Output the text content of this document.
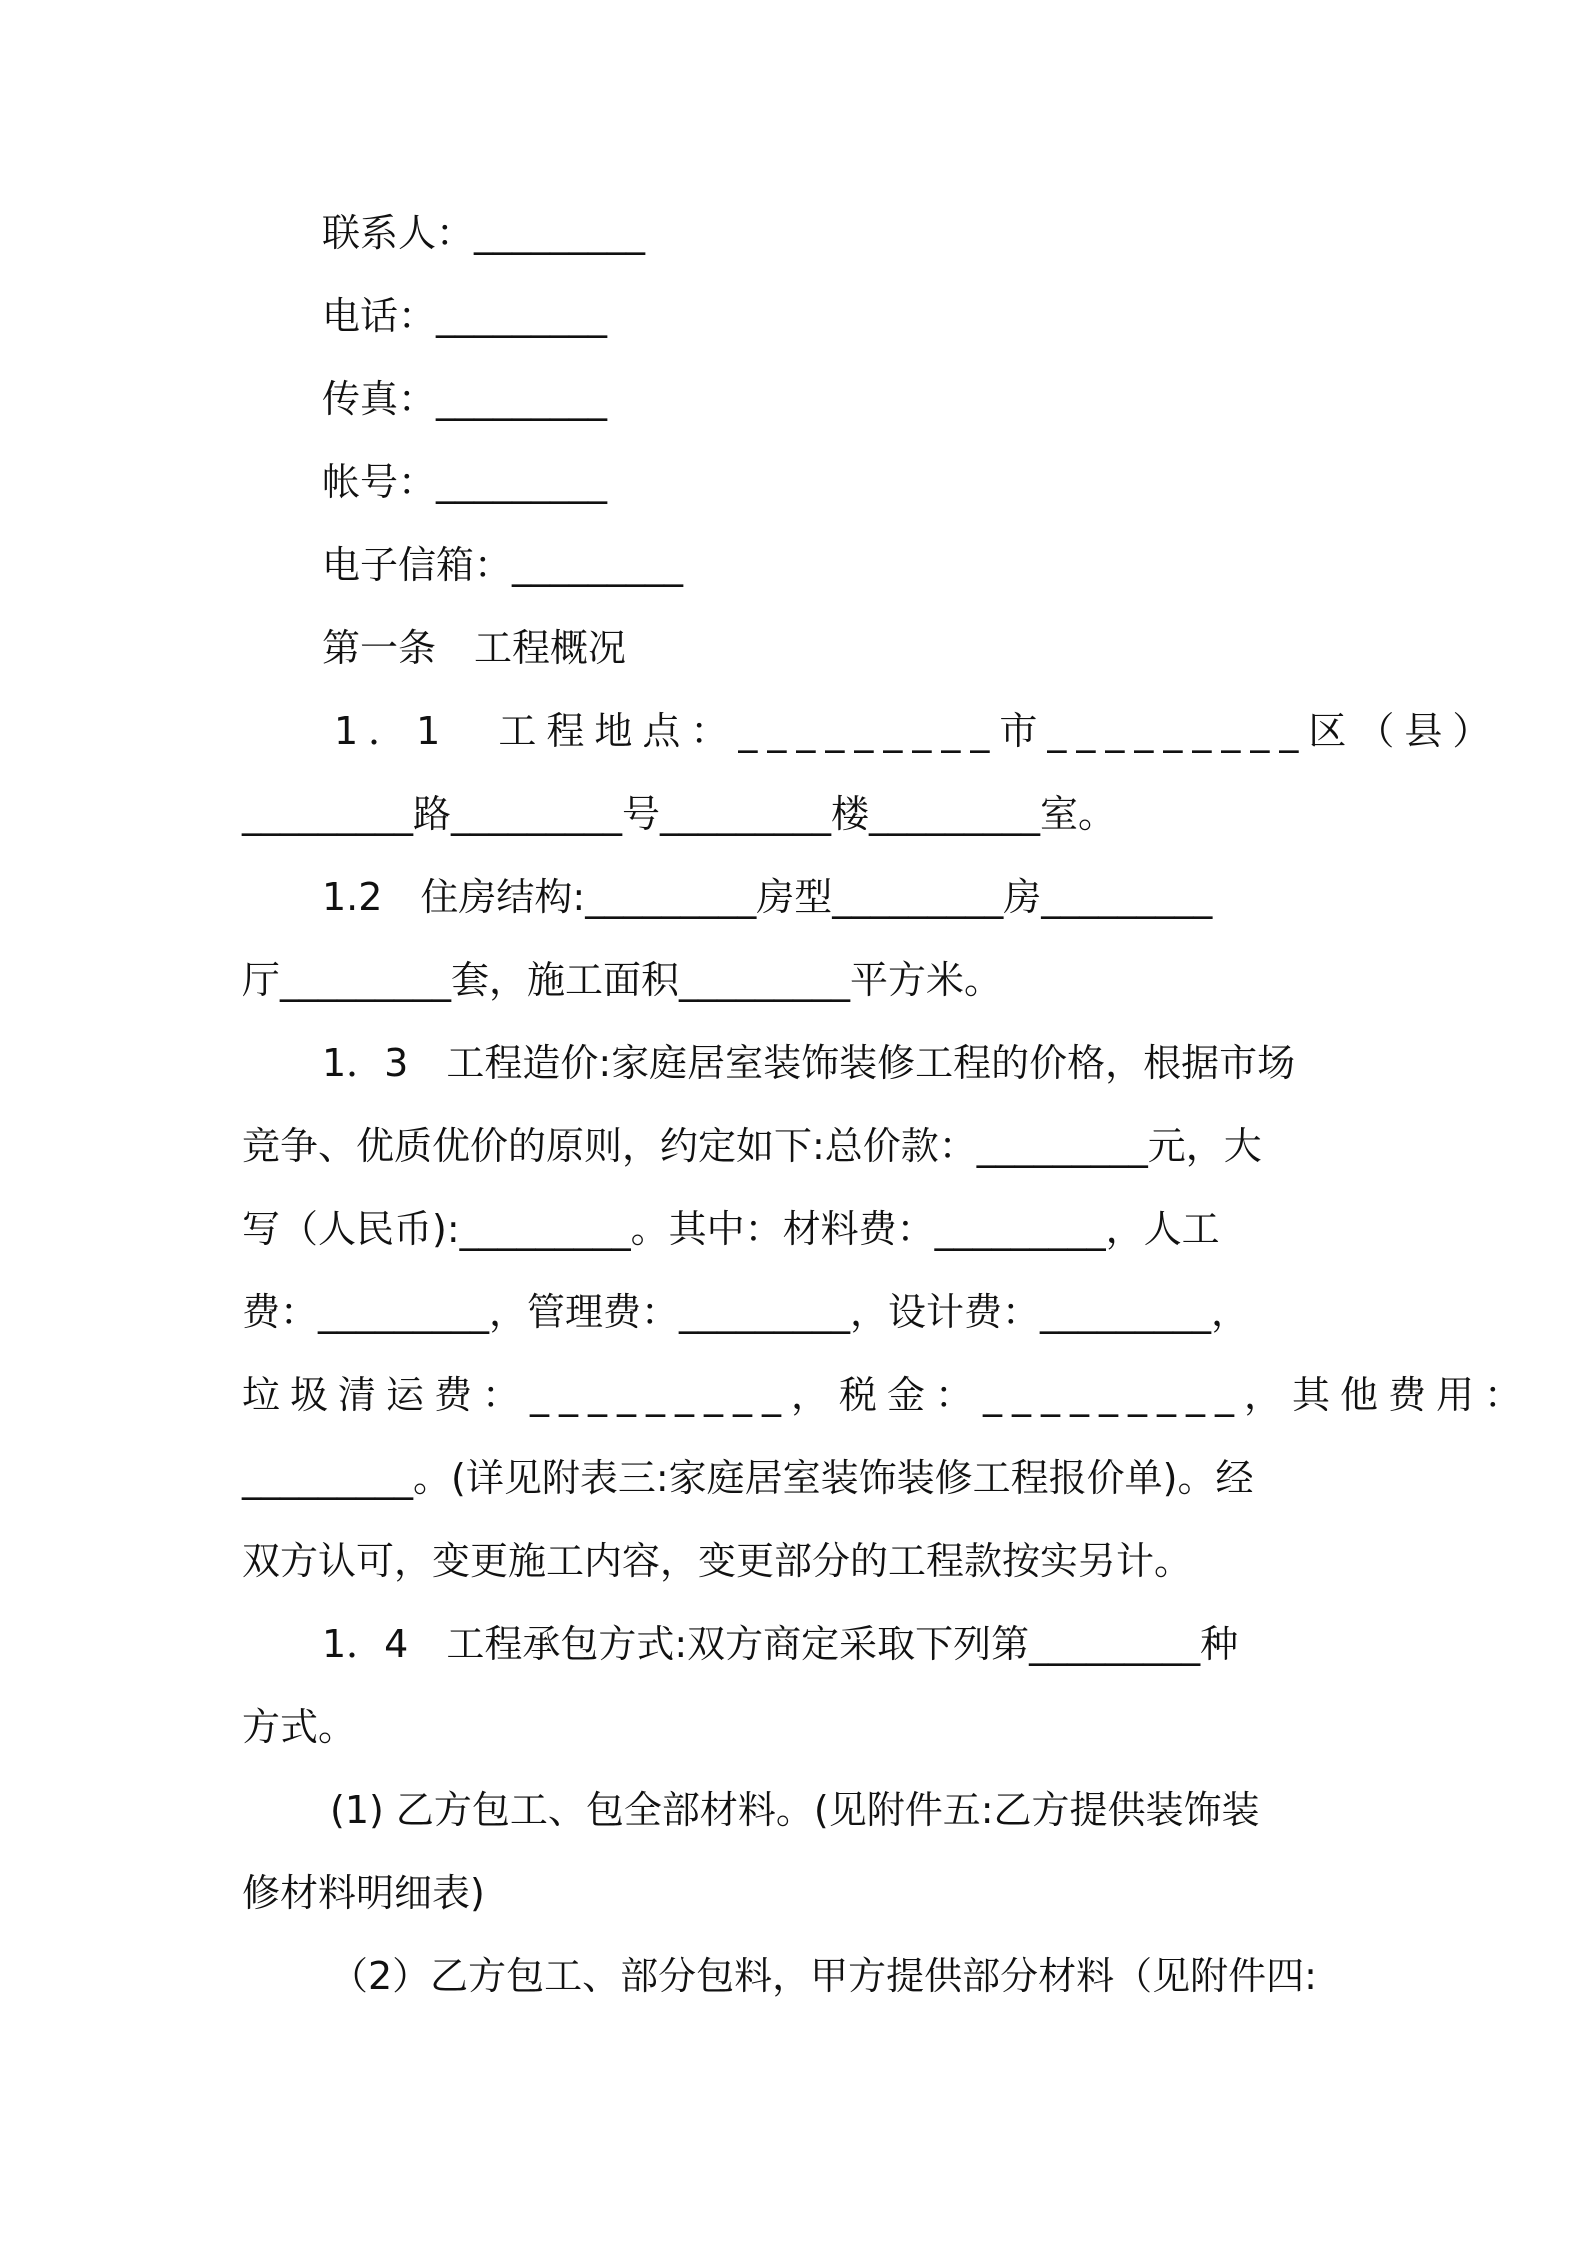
联系人：_________
电话：_________
传真：_________
帐号：_________
电子信箱：_________
第一条　工程概况
1．1　工程地点：_________市_________区（县）
_________路_________号_________楼_________室。
1.2　住房结构:_________房型_________房_________
厅_________套，施工面积_________平方米。
1．3　工程造价:家庭居室装饰装修工程的价格，根据市场
竞争、优质优价的原则，约定如下:总价款：_________元，大
写（人民币):_________。其中：材料费：_________，人工
费：_________，管理费：_________，设计费：_________，
垃圾清运费：_________，税金：_________，其他费用：
_________。(详见附表三:家庭居室装饰装修工程报价单)。经
双方认可，变更施工内容，变更部分的工程款按实另计。
1．4　工程承包方式:双方商定采取下列第_________种
方式。
(1) 乙方包工、包全部材料。(见附件五:乙方提供装饰装
修材料明细表)
（2）乙方包工、部分包料，甲方提供部分材料（见附件四:
